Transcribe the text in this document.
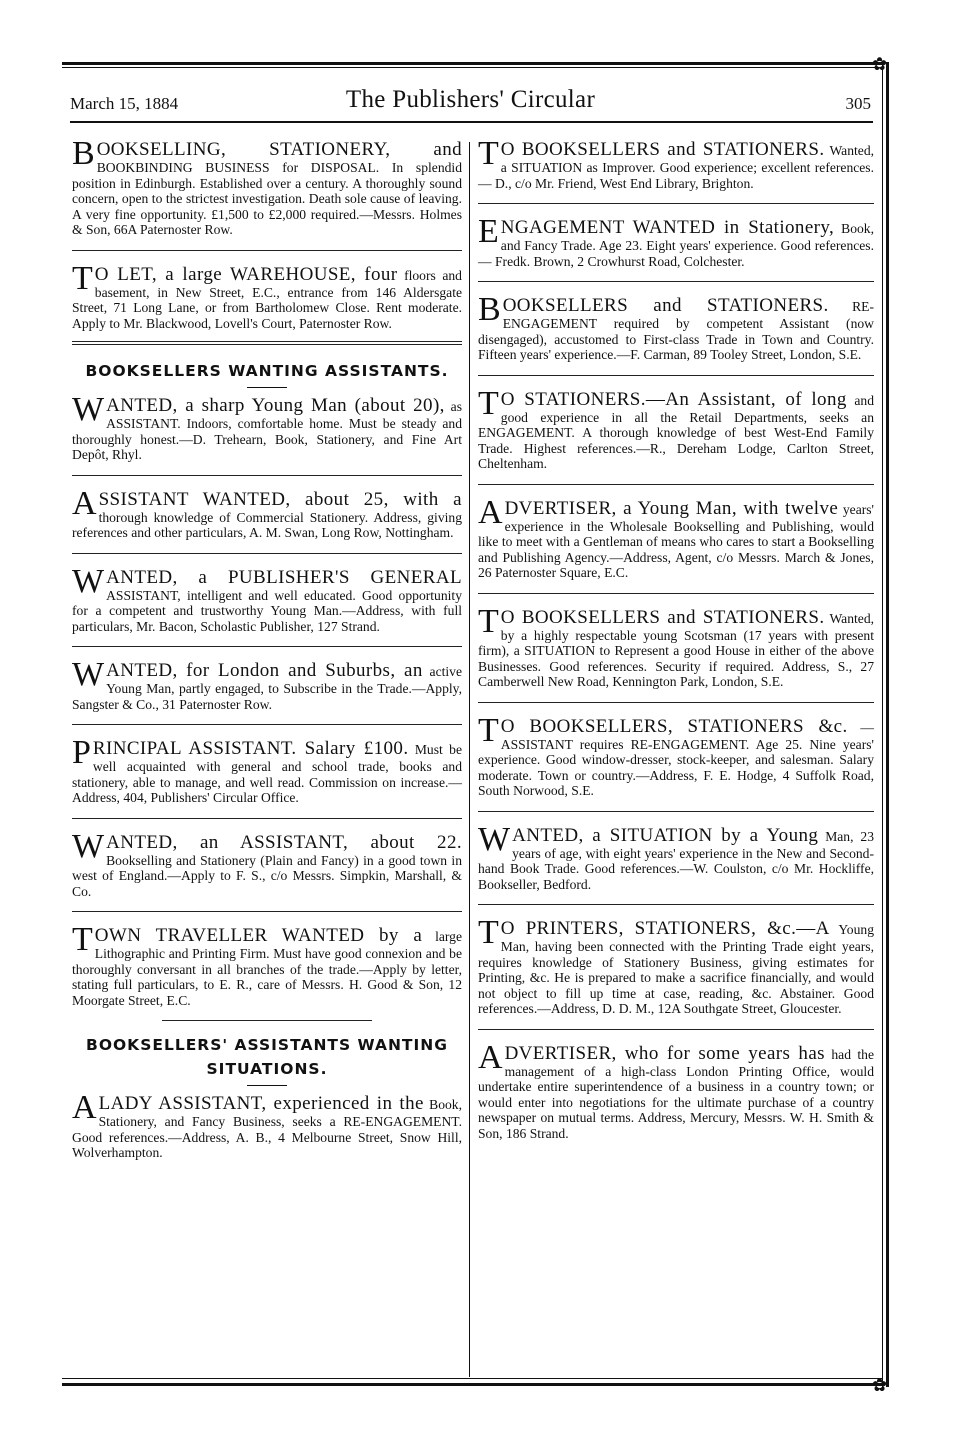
✿
✿
March 15, 1884	The Publishers' Circular	305

BOOKSELLING, STATIONERY, and BOOKBINDING BUSINESS for DISPOSAL. In splendid position in Edinburgh. Established over a century. A thoroughly sound concern, open to the strictest investigation. Death sole cause of leaving. A very fine opportunity. £1,500 to £2,000 required.—Messrs. Holmes & Son, 66A Paternoster Row.

T O LET, a large WAREHOUSE, four floors and basement, in New Street, E.C., entrance from 146 Aldersgate Street, 71 Long Lane, or from Bartholomew Close. Rent moderate. Apply to Mr. Blackwood, Lovell's Court, Paternoster Row.

BOOKSELLERS WANTING ASSISTANTS.

WANTED, a sharp Young Man (about 20), as ASSISTANT. Indoors, comfortable home. Must be steady and thoroughly honest.—D. Trehearn, Book, Stationery, and Fine Art Depôt, Rhyl.

ASSISTANT WANTED, about 25, with a thorough knowledge of Commercial Stationery. Address, giving references and other particulars, A. M. Swan, Long Row, Nottingham.

WANTED, a PUBLISHER'S GENERAL ASSISTANT, intelligent and well educated. Good opportunity for a competent and trustworthy Young Man.—Address, with full particulars, Mr. Bacon, Scholastic Publisher, 127 Strand.

WANTED, for London and Suburbs, an active Young Man, partly engaged, to Subscribe in the Trade.—Apply, Sangster & Co., 31 Paternoster Row.

PRINCIPAL ASSISTANT. Salary £100. Must be well acquainted with general and school trade, books and stationery, able to manage, and well read. Commission on increase.—Address, 404, Publishers' Circular Office.

WANTED, an ASSISTANT, about 22. Bookselling and Stationery (Plain and Fancy) in a good town in west of England.—Apply to F. S., c/o Messrs. Simpkin, Marshall, & Co.

TOWN TRAVELLER WANTED by a large Lithographic and Printing Firm. Must have good connexion and be thoroughly conversant in all branches of the trade.—Apply by letter, stating full particulars, to E. R., care of Messrs. H. Good & Son, 12 Moorgate Street, E.C.

BOOKSELLERS' ASSISTANTS WANTING
SITUATIONS.

ALADY ASSISTANT, experienced in the Book, Stationery, and Fancy Business, seeks a RE-ENGAGEMENT. Good references.—Address, A. B., 4 Melbourne Street, Snow Hill, Wolverhampton.

T O BOOKSELLERS and STATIONERS. Wanted, a SITUATION as Improver. Good experience; excellent references.— D., c/o Mr. Friend, West End Library, Brighton.

ENGAGEMENT WANTED in Stationery, Book, and Fancy Trade. Age 23. Eight years' experience. Good references. — Fredk. Brown, 2 Crowhurst Road, Colchester.

BOOKSELLERS and STATIONERS. RE-ENGAGEMENT required by competent Assistant (now disengaged), accustomed to First-class Trade in Town and Country. Fifteen years' experience.—F. Carman, 89 Tooley Street, London, S.E.

T O STATIONERS.—An Assistant, of long and good experience in all the Retail Departments, seeks an ENGAGEMENT. A thorough knowledge of best West-End Family Trade. Highest references.—R., Dereham Lodge, Carlton Street, Cheltenham.

ADVERTISER, a Young Man, with twelve years' experience in the Wholesale Bookselling and Publishing, would like to meet with a Gentleman of means who cares to start a Bookselling and Publishing Agency.—Address, Agent, c/o Messrs. March & Jones, 26 Paternoster Square, E.C.

T O BOOKSELLERS and STATIONERS. Wanted, by a highly respectable young Scotsman (17 years with present firm), a SITUATION to Represent a good House in either of the above Businesses. Good references. Security if required. Address, S., 27 Camberwell New Road, Kennington Park, London, S.E.

T O BOOKSELLERS, STATIONERS &c. —ASSISTANT requires RE-ENGAGEMENT. Age 25. Nine years' experience. Good window-dresser, stock-keeper, and salesman. Salary moderate. Town or country.—Address, F. E. Hodge, 4 Suffolk Road, South Norwood, S.E.

WANTED, a SITUATION by a Young Man, 23 years of age, with eight years' experience in the New and Second-hand Book Trade. Good references.—W. Coulston, c/o Mr. Hockliffe, Bookseller, Bedford.

T O PRINTERS, STATIONERS, &c.—A Young Man, having been connected with the Printing Trade eight years, requires knowledge of Stationery Business, giving estimates for Printing, &c. He is prepared to make a sacrifice financially, and would not object to fill up time at case, reading, &c. Abstainer. Good references.—Address, D. D. M., 12A Southgate Street, Gloucester.

ADVERTISER, who for some years has had the management of a high-class London Printing Office, would undertake entire superintendence of a business in a country town; or would enter into negotiations for the ultimate purchase of a country newspaper on mutual terms. Address, Mercury, Messrs. W. H. Smith & Son, 186 Strand.
